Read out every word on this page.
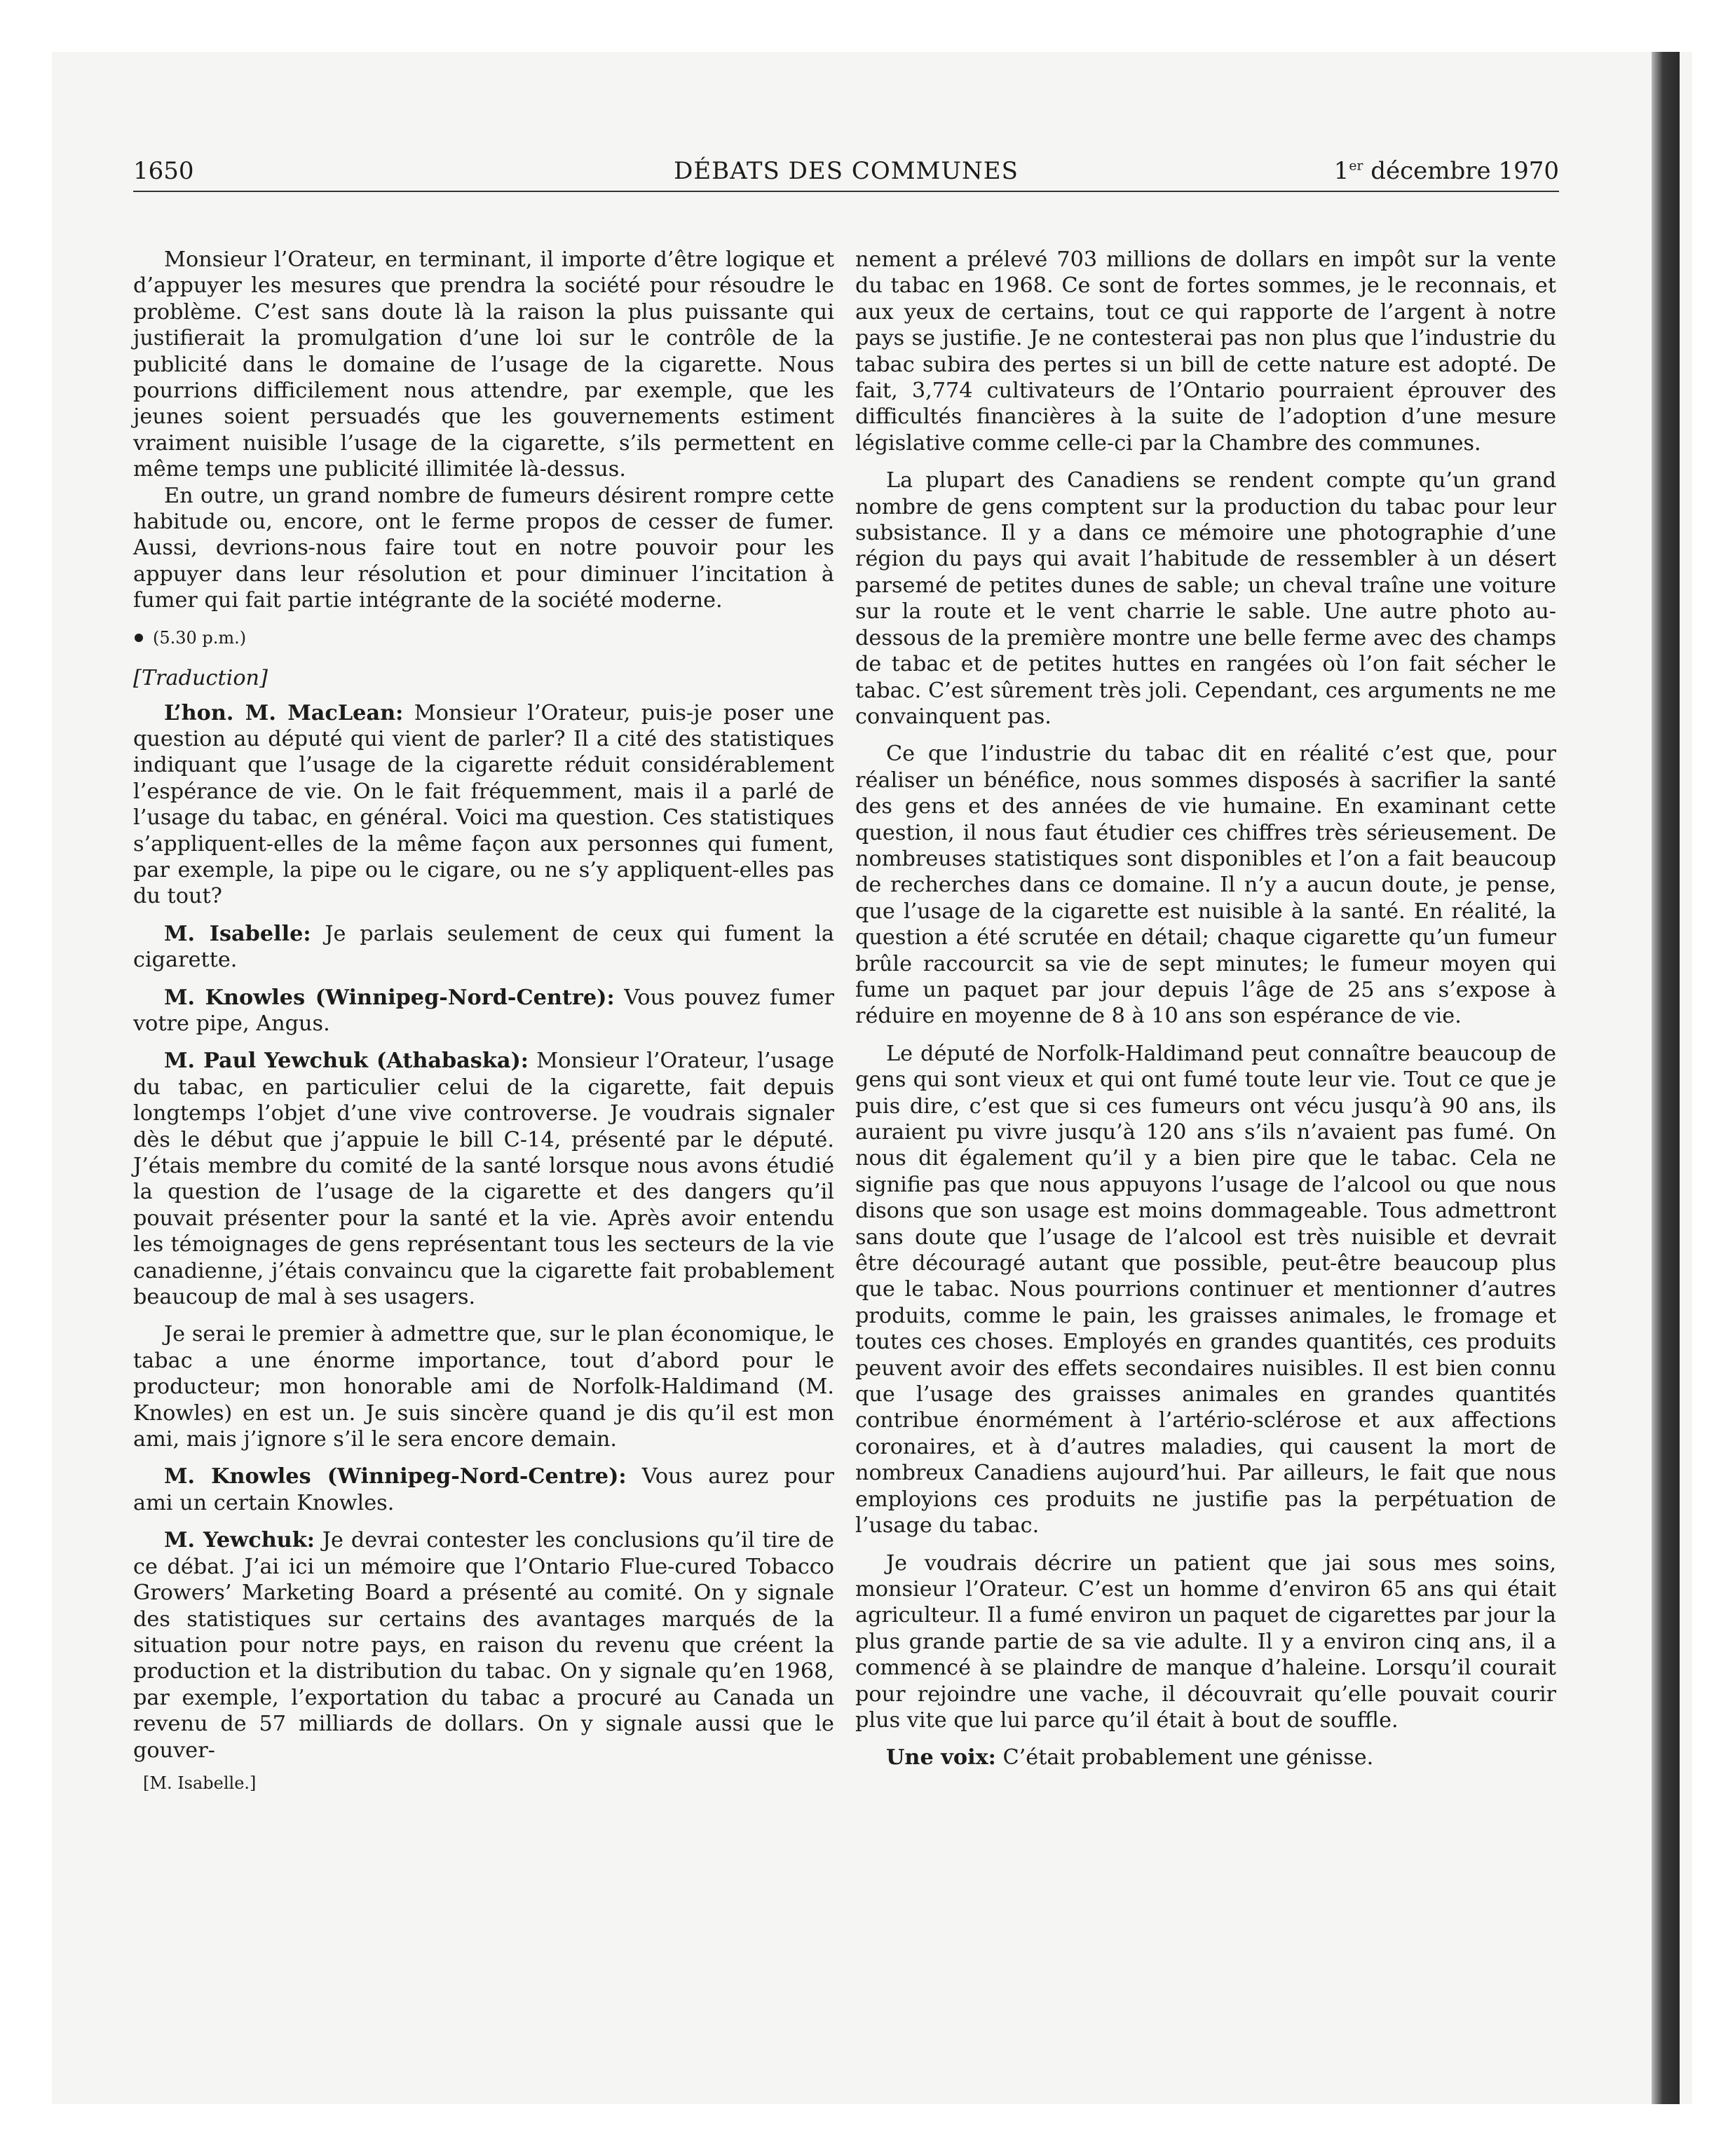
1650	DÉBATS DES COMMUNES	1er décembre 1970

Monsieur l’Orateur, en terminant, il importe d’être logique et d’appuyer les mesures que prendra la société pour résoudre le problème. C’est sans doute là la raison la plus puissante qui justifierait la promulgation d’une loi sur le contrôle de la publicité dans le domaine de l’usage de la cigarette. Nous pourrions difficilement nous attendre, par exemple, que les jeunes soient persuadés que les gouvernements estiment vraiment nuisible l’usage de la cigarette, s’ils permettent en même temps une publicité illimitée là-dessus.

En outre, un grand nombre de fumeurs désirent rompre cette habitude ou, encore, ont le ferme propos de cesser de fumer. Aussi, devrions-nous faire tout en notre pouvoir pour les appuyer dans leur résolution et pour diminuer l’incitation à fumer qui fait partie intégrante de la société moderne.

(5.30 p.m.)
[Traduction]

L’hon. M. MacLean: Monsieur l’Orateur, puis-je poser une question au député qui vient de parler? Il a cité des statistiques indiquant que l’usage de la cigarette réduit considérablement l’espérance de vie. On le fait fréquemment, mais il a parlé de l’usage du tabac, en général. Voici ma question. Ces statistiques s’appliquent-elles de la même façon aux personnes qui fument, par exemple, la pipe ou le cigare, ou ne s’y appliquent-elles pas du tout?

M. Isabelle: Je parlais seulement de ceux qui fument la cigarette.

M. Knowles (Winnipeg-Nord-Centre): Vous pouvez fumer votre pipe, Angus.

M. Paul Yewchuk (Athabaska): Monsieur l’Orateur, l’usage du tabac, en particulier celui de la cigarette, fait depuis longtemps l’objet d’une vive controverse. Je voudrais signaler dès le début que j’appuie le bill C-14, présenté par le député. J’étais membre du comité de la santé lorsque nous avons étudié la question de l’usage de la cigarette et des dangers qu’il pouvait présenter pour la santé et la vie. Après avoir entendu les témoignages de gens représentant tous les secteurs de la vie canadienne, j’étais convaincu que la cigarette fait probablement beaucoup de mal à ses usagers.

Je serai le premier à admettre que, sur le plan économique, le tabac a une énorme importance, tout d’abord pour le producteur; mon honorable ami de Norfolk-Haldimand (M. Knowles) en est un. Je suis sincère quand je dis qu’il est mon ami, mais j’ignore s’il le sera encore demain.

M. Knowles (Winnipeg-Nord-Centre): Vous aurez pour ami un certain Knowles.

M. Yewchuk: Je devrai contester les conclusions qu’il tire de ce débat. J’ai ici un mémoire que l’Ontario Flue-cured Tobacco Growers’ Marketing Board a présenté au comité. On y signale des statistiques sur certains des avantages marqués de la situation pour notre pays, en raison du revenu que créent la production et la distribution du tabac. On y signale qu’en 1968, par exemple, l’exportation du tabac a procuré au Canada un revenu de 57 milliards de dollars. On y signale aussi que le gouver-

[M. Isabelle.]

nement a prélevé 703 millions de dollars en impôt sur la vente du tabac en 1968. Ce sont de fortes sommes, je le reconnais, et aux yeux de certains, tout ce qui rapporte de l’argent à notre pays se justifie. Je ne contesterai pas non plus que l’industrie du tabac subira des pertes si un bill de cette nature est adopté. De fait, 3,774 cultivateurs de l’Ontario pourraient éprouver des difficultés financières à la suite de l’adoption d’une mesure législative comme celle-ci par la Chambre des communes.

La plupart des Canadiens se rendent compte qu’un grand nombre de gens comptent sur la production du tabac pour leur subsistance. Il y a dans ce mémoire une photographie d’une région du pays qui avait l’habitude de ressembler à un désert parsemé de petites dunes de sable; un cheval traîne une voiture sur la route et le vent charrie le sable. Une autre photo au-dessous de la première montre une belle ferme avec des champs de tabac et de petites huttes en rangées où l’on fait sécher le tabac. C’est sûrement très joli. Cependant, ces arguments ne me convainquent pas.

Ce que l’industrie du tabac dit en réalité c’est que, pour réaliser un bénéfice, nous sommes disposés à sacrifier la santé des gens et des années de vie humaine. En examinant cette question, il nous faut étudier ces chiffres très sérieusement. De nombreuses statistiques sont disponibles et l’on a fait beaucoup de recherches dans ce domaine. Il n’y a aucun doute, je pense, que l’usage de la cigarette est nuisible à la santé. En réalité, la question a été scrutée en détail; chaque cigarette qu’un fumeur brûle raccourcit sa vie de sept minutes; le fumeur moyen qui fume un paquet par jour depuis l’âge de 25 ans s’expose à réduire en moyenne de 8 à 10 ans son espérance de vie.

Le député de Norfolk-Haldimand peut connaître beaucoup de gens qui sont vieux et qui ont fumé toute leur vie. Tout ce que je puis dire, c’est que si ces fumeurs ont vécu jusqu’à 90 ans, ils auraient pu vivre jusqu’à 120 ans s’ils n’avaient pas fumé. On nous dit également qu’il y a bien pire que le tabac. Cela ne signifie pas que nous appuyons l’usage de l’alcool ou que nous disons que son usage est moins dommageable. Tous admettront sans doute que l’usage de l’alcool est très nuisible et devrait être découragé autant que possible, peut-être beaucoup plus que le tabac. Nous pourrions continuer et mentionner d’autres produits, comme le pain, les graisses animales, le fromage et toutes ces choses. Employés en grandes quantités, ces produits peuvent avoir des effets secondaires nuisibles. Il est bien connu que l’usage des graisses animales en grandes quantités contribue énormément à l’artério-sclérose et aux affections coronaires, et à d’autres maladies, qui causent la mort de nombreux Canadiens aujourd’hui. Par ailleurs, le fait que nous employions ces produits ne justifie pas la perpétuation de l’usage du tabac.

Je voudrais décrire un patient que jai sous mes soins, monsieur l’Orateur. C’est un homme d’environ 65 ans qui était agriculteur. Il a fumé environ un paquet de cigarettes par jour la plus grande partie de sa vie adulte. Il y a environ cinq ans, il a commencé à se plaindre de manque d’haleine. Lorsqu’il courait pour rejoindre une vache, il découvrait qu’elle pouvait courir plus vite que lui parce qu’il était à bout de souffle.

Une voix: C’était probablement une génisse.
